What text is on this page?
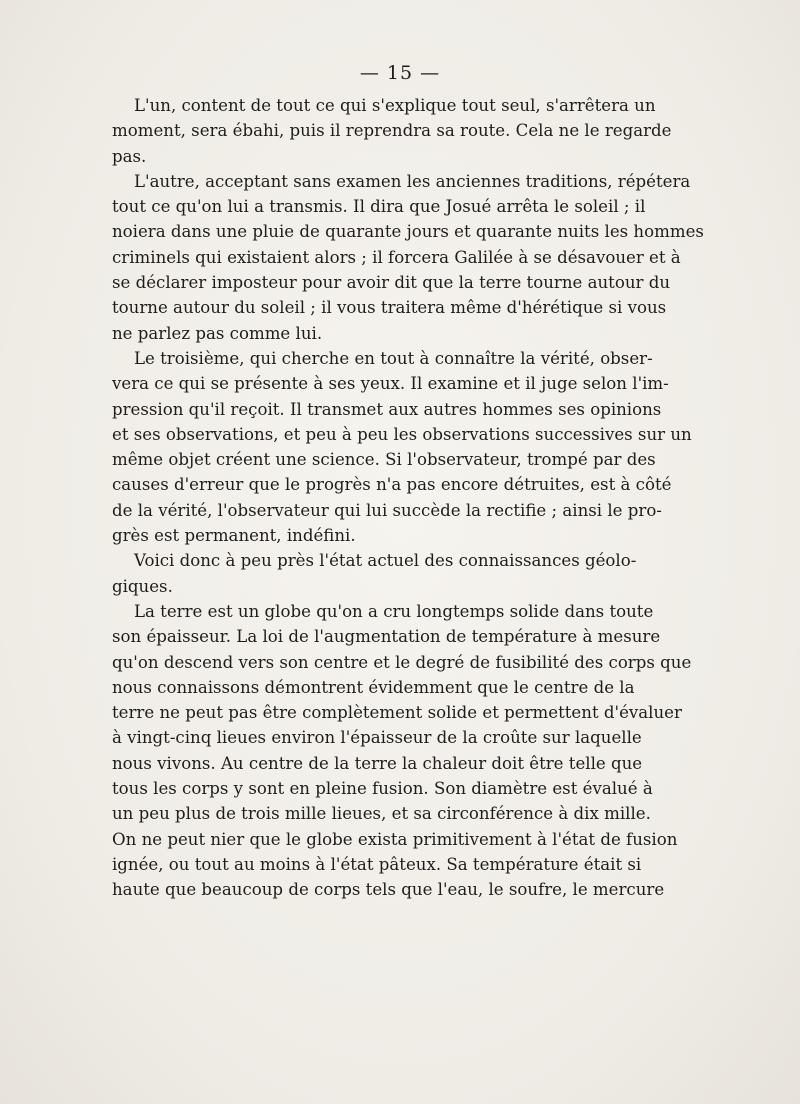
— 15 —
L'un, content de tout ce qui s'explique tout seul, s'arrêtera un
moment, sera ébahi, puis il reprendra sa route. Cela ne le regarde
pas.
L'autre, acceptant sans examen les anciennes traditions, répétera
tout ce qu'on lui a transmis. Il dira que Josué arrêta le soleil ; il
noiera dans une pluie de quarante jours et quarante nuits les hommes
criminels qui existaient alors ; il forcera Galilée à se désavouer et à
se déclarer imposteur pour avoir dit que la terre tourne autour du
tourne autour du soleil ; il vous traitera même d'hérétique si vous
ne parlez pas comme lui.
Le troisième, qui cherche en tout à connaître la vérité, obser-
vera ce qui se présente à ses yeux. Il examine et il juge selon l'im-
pression qu'il reçoit. Il transmet aux autres hommes ses opinions
et ses observations, et peu à peu les observations successives sur un
même objet créent une science. Si l'observateur, trompé par des
causes d'erreur que le progrès n'a pas encore détruites, est à côté
de la vérité, l'observateur qui lui succède la rectifie ; ainsi le pro-
grès est permanent, indéfini.
Voici donc à peu près l'état actuel des connaissances géolo-
giques.
La terre est un globe qu'on a cru longtemps solide dans toute
son épaisseur. La loi de l'augmentation de température à mesure
qu'on descend vers son centre et le degré de fusibilité des corps que
nous connaissons démontrent évidemment que le centre de la
terre ne peut pas être complètement solide et permettent d'évaluer
à vingt-cinq lieues environ l'épaisseur de la croûte sur laquelle
nous vivons. Au centre de la terre la chaleur doit être telle que
tous les corps y sont en pleine fusion. Son diamètre est évalué à
un peu plus de trois mille lieues, et sa circonférence à dix mille.
On ne peut nier que le globe exista primitivement à l'état de fusion
ignée, ou tout au moins à l'état pâteux. Sa température était si
haute que beaucoup de corps tels que l'eau, le soufre, le mercure
